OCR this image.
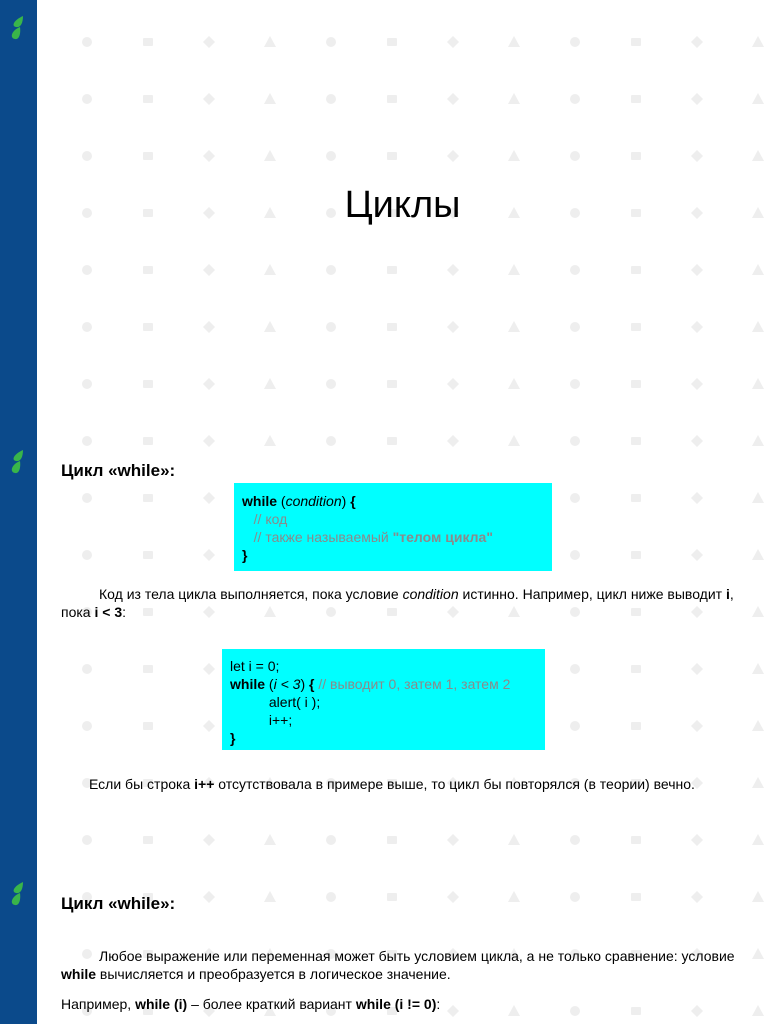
Циклы
Цикл «while»:
while (condition) {
// код
// также называемый "телом цикла"
}

Код из тела цикла выполняется, пока условие condition истинно. Например, цикл ниже выводит i, пока i < 3:

let i = 0;
while (i < 3) { // выводит 0, затем 1, затем 2
alert( i );
i++;
}

Если бы строка i++ отсутствовала в примере выше, то цикл бы повторялся (в теории) вечно.

Цикл «while»:

Любое выражение или переменная может быть условием цикла, а не только сравнение: условие while вычисляется и преобразуется в логическое значение.

Например, while (i) – более краткий вариант while (i != 0):
